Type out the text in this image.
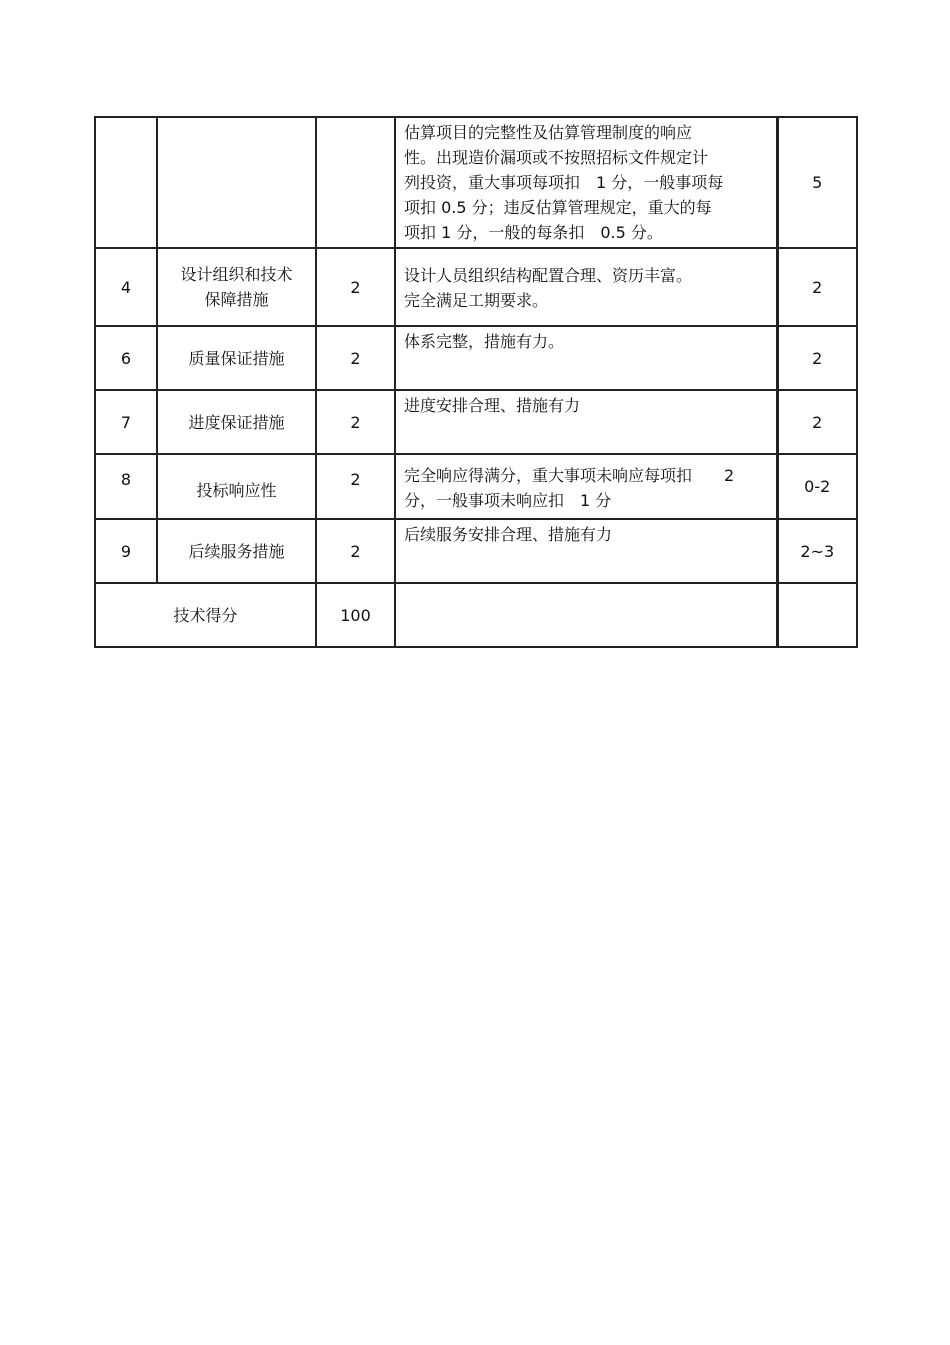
			估算项目的完整性及估算管理制度的响应
性。出现造价漏项或不按照招标文件规定计
列投资，重大事项每项扣　1 分，一般事项每
项扣 0.5 分；违反估算管理规定，重大的每
项扣 1 分，一般的每条扣　0.5 分。	5
4	设计组织和技术
保障措施	2	设计人员组织结构配置合理、资历丰富。
完全满足工期要求。	2
6	质量保证措施	2	体系完整，措施有力。	2
7	进度保证措施	2	进度安排合理、措施有力	2
8	投标响应性	2	完全响应得满分，重大事项未响应每项扣　　2
分，一般事项未响应扣　1 分	0-2
9	后续服务措施	2	后续服务安排合理、措施有力	2~3
技术得分		100		
